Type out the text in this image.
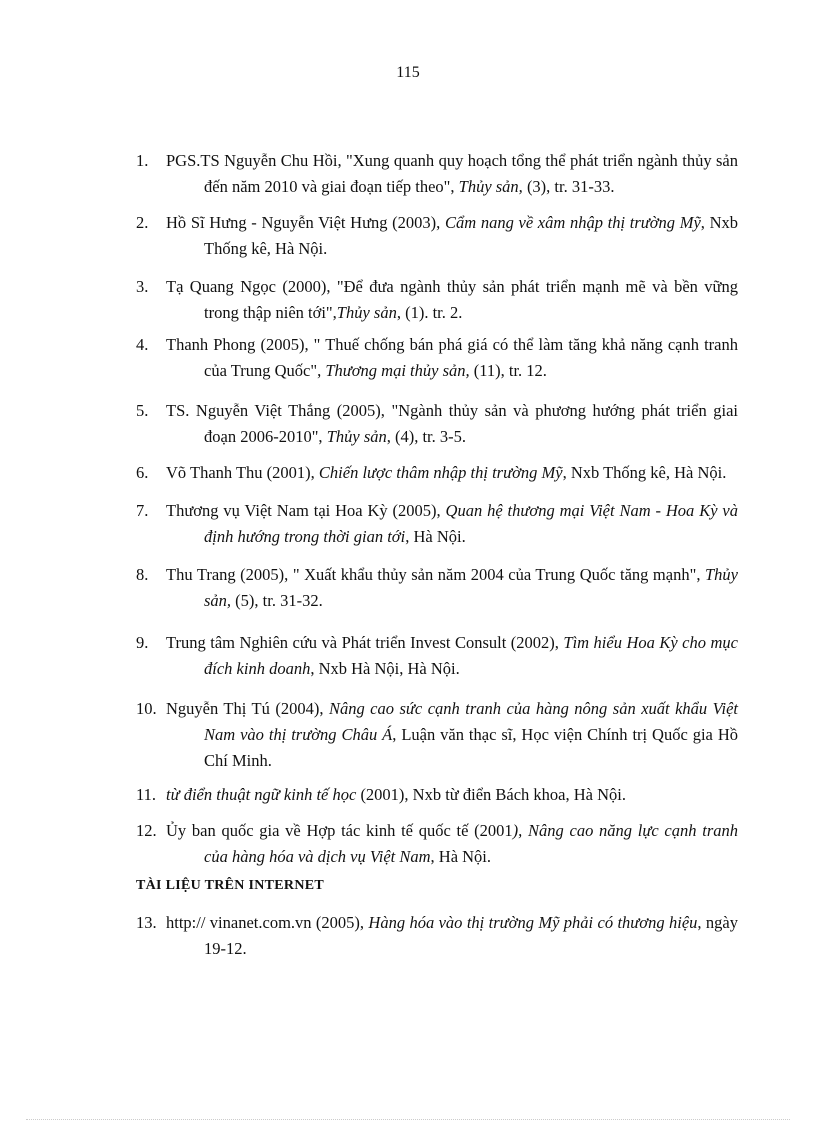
115
1. PGS.TS Nguyễn Chu Hồi, "Xung quanh quy hoạch tổng thể phát triển ngành thủy sản đến năm 2010 và giai đoạn tiếp theo", Thủy sản, (3), tr. 31-33.
2. Hồ Sĩ Hưng - Nguyễn Việt Hưng (2003), Cẩm nang về xâm nhập thị trường Mỹ, Nxb Thống kê, Hà Nội.
3. Tạ Quang Ngọc (2000), "Để đưa ngành thủy sản phát triển mạnh mẽ và bền vững trong thập niên tới",Thủy sản, (1). tr. 2.
4. Thanh Phong (2005), " Thuế chống bán phá giá có thể làm tăng khả năng cạnh tranh của Trung Quốc", Thương mại thủy sản, (11), tr. 12.
5. TS. Nguyễn Việt Thắng (2005), "Ngành thủy sản và phương hướng phát triển giai đoạn 2006-2010", Thủy sản, (4), tr. 3-5.
6. Võ Thanh Thu (2001), Chiến lược thâm nhập thị trường Mỹ, Nxb Thống kê, Hà Nội.
7. Thương vụ Việt Nam tại Hoa Kỳ (2005), Quan hệ thương mại Việt Nam - Hoa Kỳ và định hướng trong thời gian tới, Hà Nội.
8. Thu Trang (2005), " Xuất khẩu thủy sản năm 2004 của Trung Quốc tăng mạnh", Thủy sản, (5), tr. 31-32.
9. Trung tâm Nghiên cứu và Phát triển Invest Consult (2002), Tìm hiểu Hoa Kỳ cho mục đích kinh doanh, Nxb Hà Nội, Hà Nội.
10. Nguyễn Thị Tú (2004), Nâng cao sức cạnh tranh của hàng nông sản xuất khẩu Việt Nam vào thị trường Châu Á, Luận văn thạc sĩ, Học viện Chính trị Quốc gia Hồ Chí Minh.
11. từ điển thuật ngữ kinh tế học (2001), Nxb từ điển Bách khoa, Hà Nội.
12. Ủy ban quốc gia về Hợp tác kinh tế quốc tế (2001), Nâng cao năng lực cạnh tranh của hàng hóa và dịch vụ Việt Nam, Hà Nội.
TÀI LIỆU TRÊN INTERNET
13. http:// vinanet.com.vn (2005), Hàng hóa vào thị trường Mỹ phải có thương hiệu, ngày 19-12.
